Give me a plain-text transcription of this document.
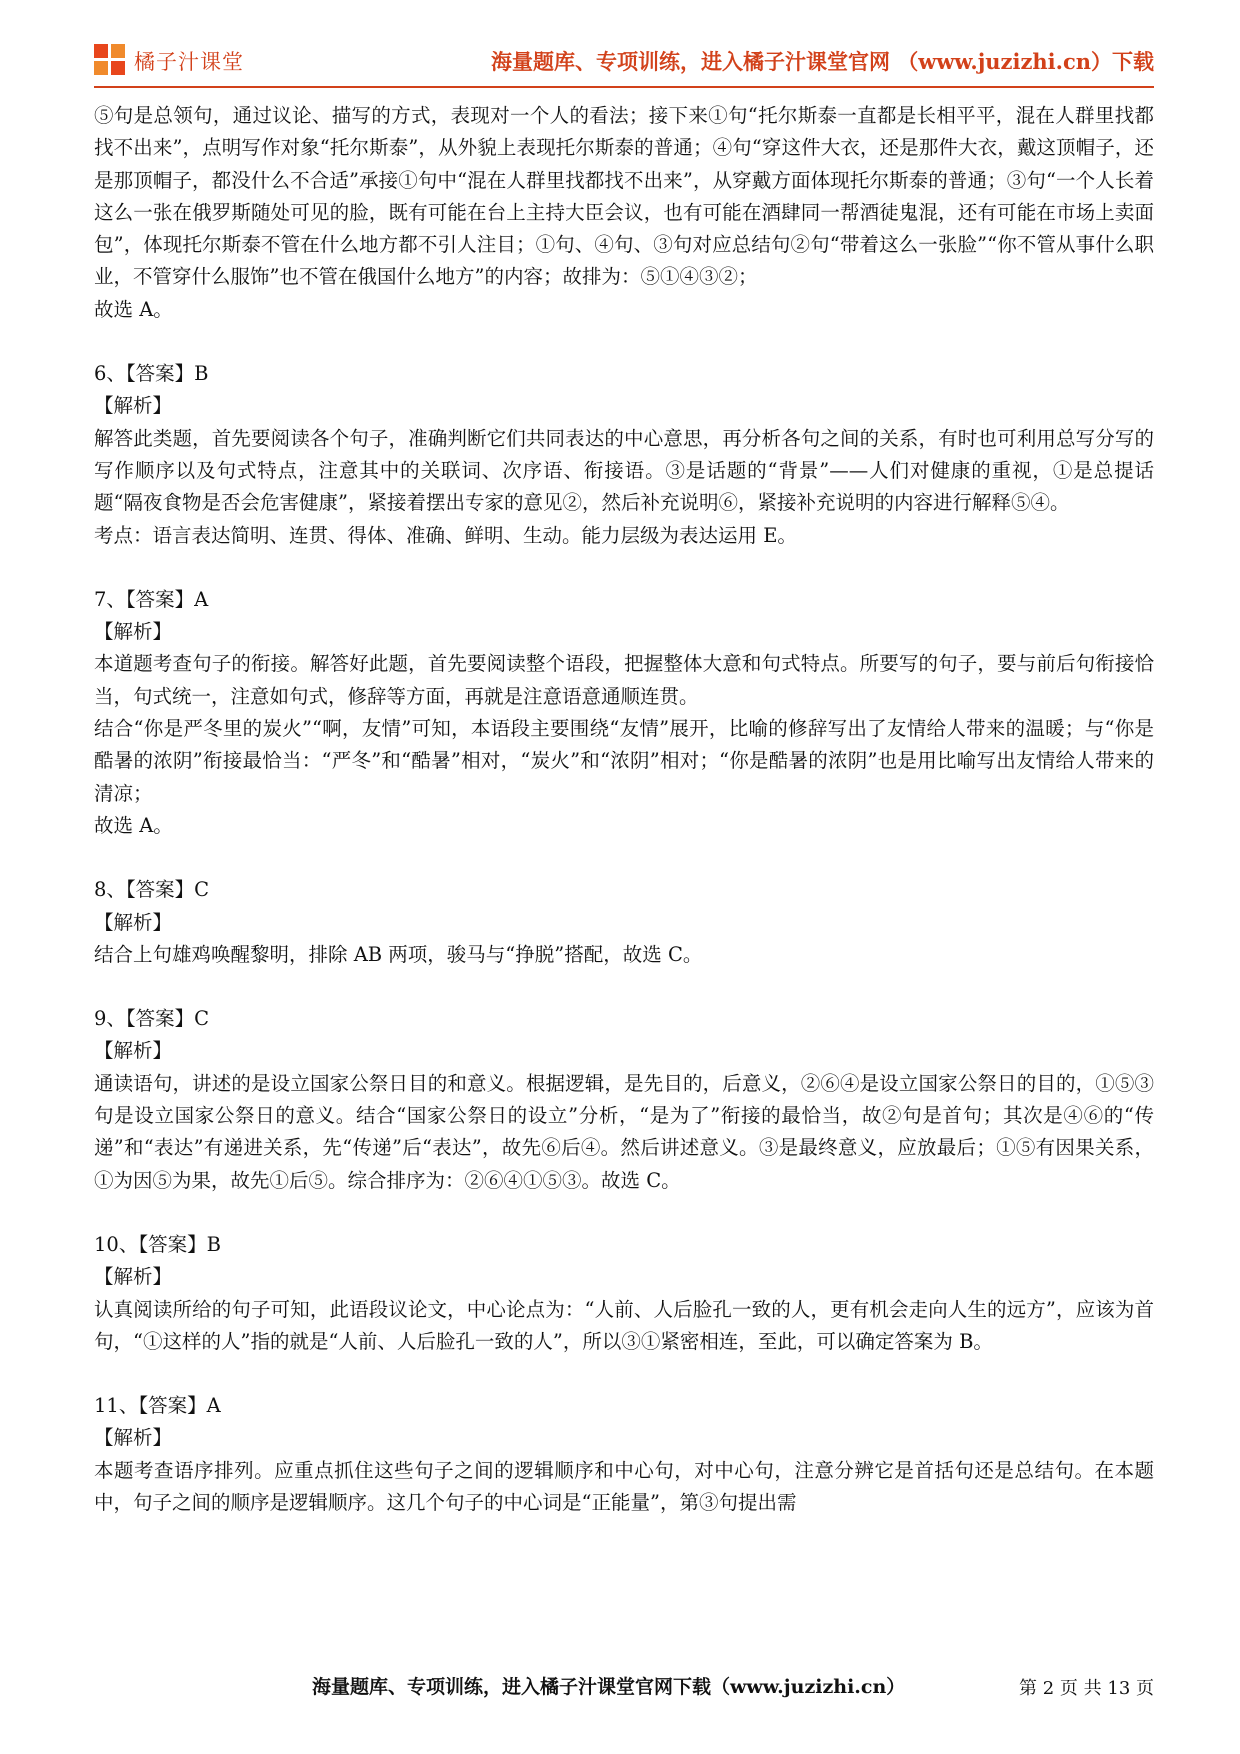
橘子汁课堂	海量题库、专项训练，进入橘子汁课堂官网 （www.juzizhi.cn）下载

⑤句是总领句，通过议论、描写的方式，表现对一个人的看法；接下来①句“托尔斯泰一直都是长相平平，混在人群里找都找不出来”，点明写作对象“托尔斯泰”，从外貌上表现托尔斯泰的普通；④句“穿这件大衣，还是那件大衣，戴这顶帽子，还是那顶帽子，都没什么不合适”承接①句中“混在人群里找都找不出来”，从穿戴方面体现托尔斯泰的普通；③句“一个人长着这么一张在俄罗斯随处可见的脸，既有可能在台上主持大臣会议，也有可能在酒肆同一帮酒徒鬼混，还有可能在市场上卖面包”，体现托尔斯泰不管在什么地方都不引人注目；①句、④句、③句对应总结句②句“带着这么一张脸”“你不管从事什么职业，不管穿什么服饰”也不管在俄国什么地方”的内容；故排为：⑤①④③②；

故选 A。

6、【答案】B

【解析】

解答此类题，首先要阅读各个句子，准确判断它们共同表达的中心意思，再分析各句之间的关系，有时也可利用总写分写的写作顺序以及句式特点，注意其中的关联词、次序语、衔接语。③是话题的“背景”——人们对健康的重视，①是总提话题“隔夜食物是否会危害健康”，紧接着摆出专家的意见②，然后补充说明⑥，紧接补充说明的内容进行解释⑤④。

考点：语言表达简明、连贯、得体、准确、鲜明、生动。能力层级为表达运用 E。

7、【答案】A

【解析】

本道题考查句子的衔接。解答好此题，首先要阅读整个语段，把握整体大意和句式特点。所要写的句子，要与前后句衔接恰当，句式统一，注意如句式，修辞等方面，再就是注意语意通顺连贯。

结合“你是严冬里的炭火”“啊，友情”可知，本语段主要围绕“友情”展开，比喻的修辞写出了友情给人带来的温暖；与“你是酷暑的浓阴”衔接最恰当：“严冬”和“酷暑”相对，“炭火”和“浓阴”相对；“你是酷暑的浓阴”也是用比喻写出友情给人带来的清凉；

故选 A。

8、【答案】C

【解析】

结合上句雄鸡唤醒黎明，排除 AB 两项，骏马与“挣脱”搭配，故选 C。

9、【答案】C

【解析】

通读语句，讲述的是设立国家公祭日目的和意义。根据逻辑，是先目的，后意义，②⑥④是设立国家公祭日的目的，①⑤③句是设立国家公祭日的意义。结合“国家公祭日的设立”分析，“是为了”衔接的最恰当，故②句是首句；其次是④⑥的“传递”和“表达”有递进关系，先“传递”后“表达”，故先⑥后④。然后讲述意义。③是最终意义，应放最后；①⑤有因果关系，①为因⑤为果，故先①后⑤。综合排序为：②⑥④①⑤③。故选 C。

10、【答案】B

【解析】

认真阅读所给的句子可知，此语段议论文，中心论点为：“人前、人后脸孔一致的人，更有机会走向人生的远方”，应该为首句，“①这样的人”指的就是“人前、人后脸孔一致的人”，所以③①紧密相连，至此，可以确定答案为 B。

11、【答案】A

【解析】

本题考查语序排列。应重点抓住这些句子之间的逻辑顺序和中心句，对中心句，注意分辨它是首括句还是总结句。在本题中，句子之间的顺序是逻辑顺序。这几个句子的中心词是“正能量”，第③句提出需

海量题库、专项训练，进入橘子汁课堂官网下载（www.juzizhi.cn）	第 2 页 共 13 页
